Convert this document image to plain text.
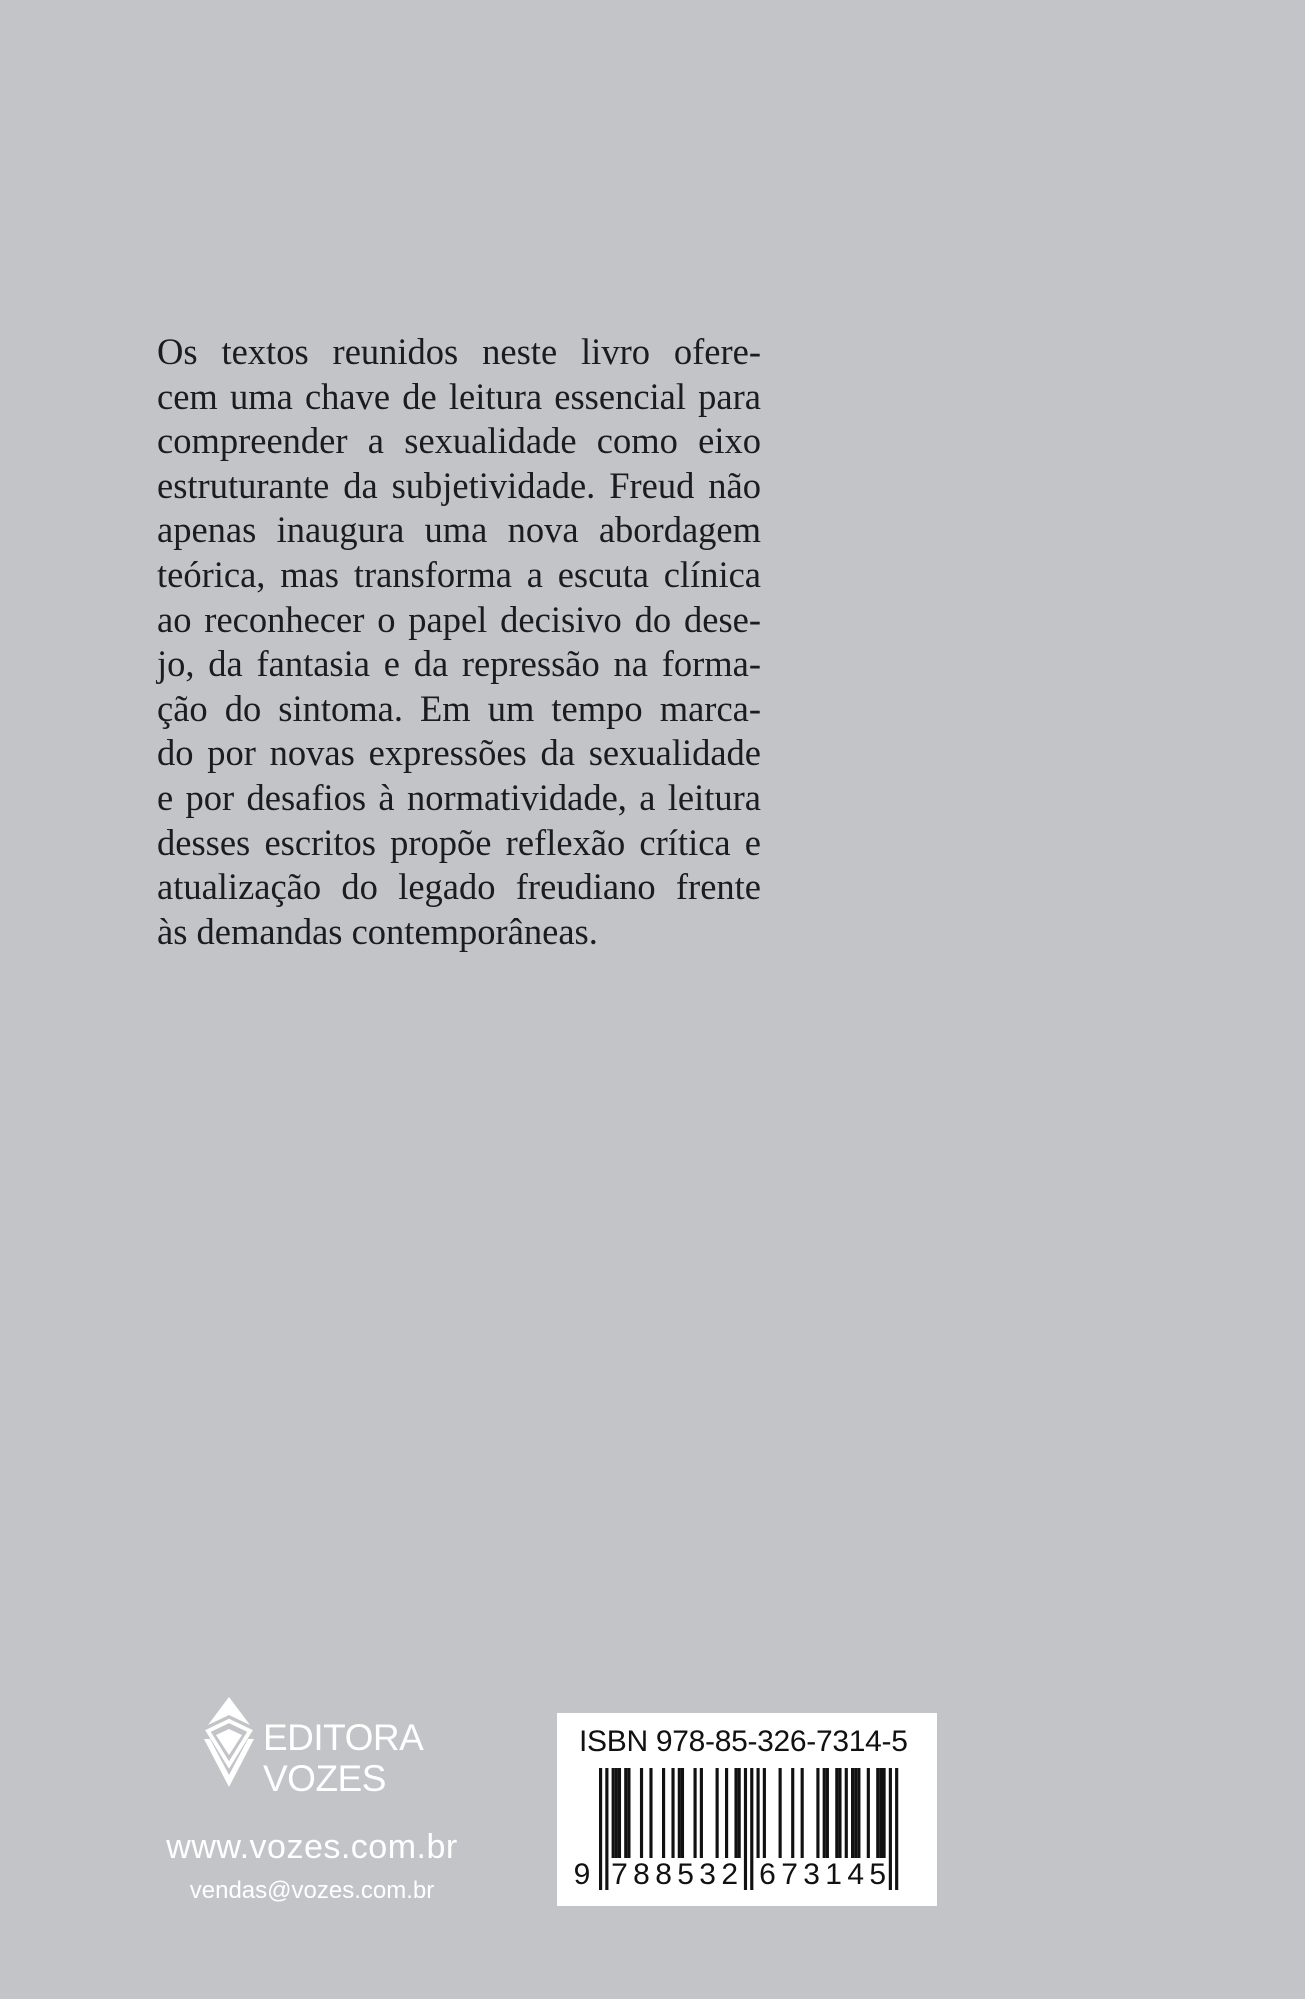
Os textos reunidos neste livro ofere-
cem uma chave de leitura essencial para
compreender a sexualidade como eixo
estruturante da subjetividade. Freud não
apenas inaugura uma nova abordagem
teórica, mas transforma a escuta clínica
ao reconhecer o papel decisivo do dese-
jo, da fantasia e da repressão na forma-
ção do sintoma. Em um tempo marca-
do por novas expressões da sexualidade
e por desafios à normatividade, a leitura
desses escritos propõe reflexão crítica e
atualização do legado freudiano frente
às demandas contemporâneas.
EDITORA
VOZES
www.vozes.com.br
vendas@vozes.com.br
ISBN 978-85-326-7314-5
9 7 8 8 5 3 2 6 7 3 1 4 5
